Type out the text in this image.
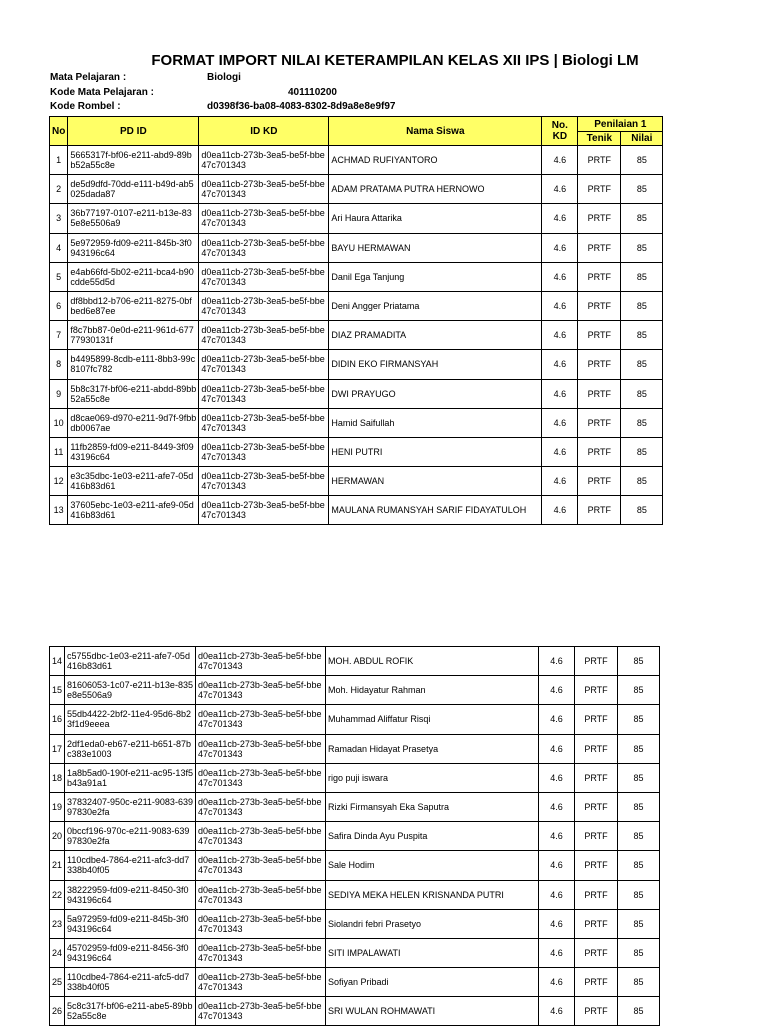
FORMAT IMPORT NILAI KETERAMPILAN KELAS XII IPS | Biologi LM
Mata Pelajaran :	Biologi
Kode Mata Pelajaran :	401110200
Kode Rombel :	d0398f36-ba08-4083-8302-8d9a8e8e9f97
No	PD ID	ID KD	Nama Siswa	No. KD	Penilaian 1	
					Tenik	Nilai
1	5665317f-bf06-e211-abd9-89bb52a55c8e	d0ea11cb-273b-3ea5-be5f-bbe47c701343	ACHMAD RUFIYANTORO	4.6	PRTF	85
2	de5d9dfd-70dd-e111-b49d-ab5025dada87	d0ea11cb-273b-3ea5-be5f-bbe47c701343	ADAM PRATAMA PUTRA HERNOWO	4.6	PRTF	85
3	36b77197-0107-e211-b13e-835e8e5506a9	d0ea11cb-273b-3ea5-be5f-bbe47c701343	Ari Haura Attarika	4.6	PRTF	85
4	5e972959-fd09-e211-845b-3f0943196c64	d0ea11cb-273b-3ea5-be5f-bbe47c701343	BAYU HERMAWAN	4.6	PRTF	85
5	e4ab66fd-5b02-e211-bca4-b90cdde55d5d	d0ea11cb-273b-3ea5-be5f-bbe47c701343	Danil Ega Tanjung	4.6	PRTF	85
6	df8bbd12-b706-e211-8275-0bfbed6e87ee	d0ea11cb-273b-3ea5-be5f-bbe47c701343	Deni Angger Priatama	4.6	PRTF	85
7	f8c7bb87-0e0d-e211-961d-67777930131f	d0ea11cb-273b-3ea5-be5f-bbe47c701343	DIAZ PRAMADITA	4.6	PRTF	85
8	b4495899-8cdb-e111-8bb3-99c8107fc782	d0ea11cb-273b-3ea5-be5f-bbe47c701343	DIDIN EKO FIRMANSYAH	4.6	PRTF	85
9	5b8c317f-bf06-e211-abdd-89bb52a55c8e	d0ea11cb-273b-3ea5-be5f-bbe47c701343	DWI PRAYUGO	4.6	PRTF	85
10	d8cae069-d970-e211-9d7f-9fbbdb0067ae	d0ea11cb-273b-3ea5-be5f-bbe47c701343	Hamid Saifullah	4.6	PRTF	85
11	11fb2859-fd09-e211-8449-3f0943196c64	d0ea11cb-273b-3ea5-be5f-bbe47c701343	HENI PUTRI	4.6	PRTF	85
12	e3c35dbc-1e03-e211-afe7-05d416b83d61	d0ea11cb-273b-3ea5-be5f-bbe47c701343	HERMAWAN	4.6	PRTF	85
13	37605ebc-1e03-e211-afe9-05d416b83d61	d0ea11cb-273b-3ea5-be5f-bbe47c701343	MAULANA RUMANSYAH SARIF FIDAYATULOH	4.6	PRTF	85
14	c5755dbc-1e03-e211-afe7-05d416b83d61	d0ea11cb-273b-3ea5-be5f-bbe47c701343	MOH. ABDUL ROFIK	4.6	PRTF	85
15	81606053-1c07-e211-b13e-835e8e5506a9	d0ea11cb-273b-3ea5-be5f-bbe47c701343	Moh. Hidayatur Rahman	4.6	PRTF	85
16	55db4422-2bf2-11e4-95d6-8b23f1d9eeea	d0ea11cb-273b-3ea5-be5f-bbe47c701343	Muhammad Aliffatur Risqi	4.6	PRTF	85
17	2df1eda0-eb67-e211-b651-87bc383e1003	d0ea11cb-273b-3ea5-be5f-bbe47c701343	Ramadan Hidayat Prasetya	4.6	PRTF	85
18	1a8b5ad0-190f-e211-ac95-13f5b43a91a1	d0ea11cb-273b-3ea5-be5f-bbe47c701343	rigo puji iswara	4.6	PRTF	85
19	37832407-950c-e211-9083-63997830e2fa	d0ea11cb-273b-3ea5-be5f-bbe47c701343	Rizki Firmansyah Eka Saputra	4.6	PRTF	85
20	0bccf196-970c-e211-9083-63997830e2fa	d0ea11cb-273b-3ea5-be5f-bbe47c701343	Safira Dinda Ayu Puspita	4.6	PRTF	85
21	110cdbe4-7864-e211-afc3-dd7338b40f05	d0ea11cb-273b-3ea5-be5f-bbe47c701343	Sale Hodim	4.6	PRTF	85
22	38222959-fd09-e211-8450-3f0943196c64	d0ea11cb-273b-3ea5-be5f-bbe47c701343	SEDIYA MEKA HELEN KRISNANDA PUTRI	4.6	PRTF	85
23	5a972959-fd09-e211-845b-3f0943196c64	d0ea11cb-273b-3ea5-be5f-bbe47c701343	Siolandri febri Prasetyo	4.6	PRTF	85
24	45702959-fd09-e211-8456-3f0943196c64	d0ea11cb-273b-3ea5-be5f-bbe47c701343	SITI IMPALAWATI	4.6	PRTF	85
25	110cdbe4-7864-e211-afc5-dd7338b40f05	d0ea11cb-273b-3ea5-be5f-bbe47c701343	Sofiyan Pribadi	4.6	PRTF	85
26	5c8c317f-bf06-e211-abe5-89bb52a55c8e	d0ea11cb-273b-3ea5-be5f-bbe47c701343	SRI WULAN ROHMAWATI	4.6	PRTF	85
